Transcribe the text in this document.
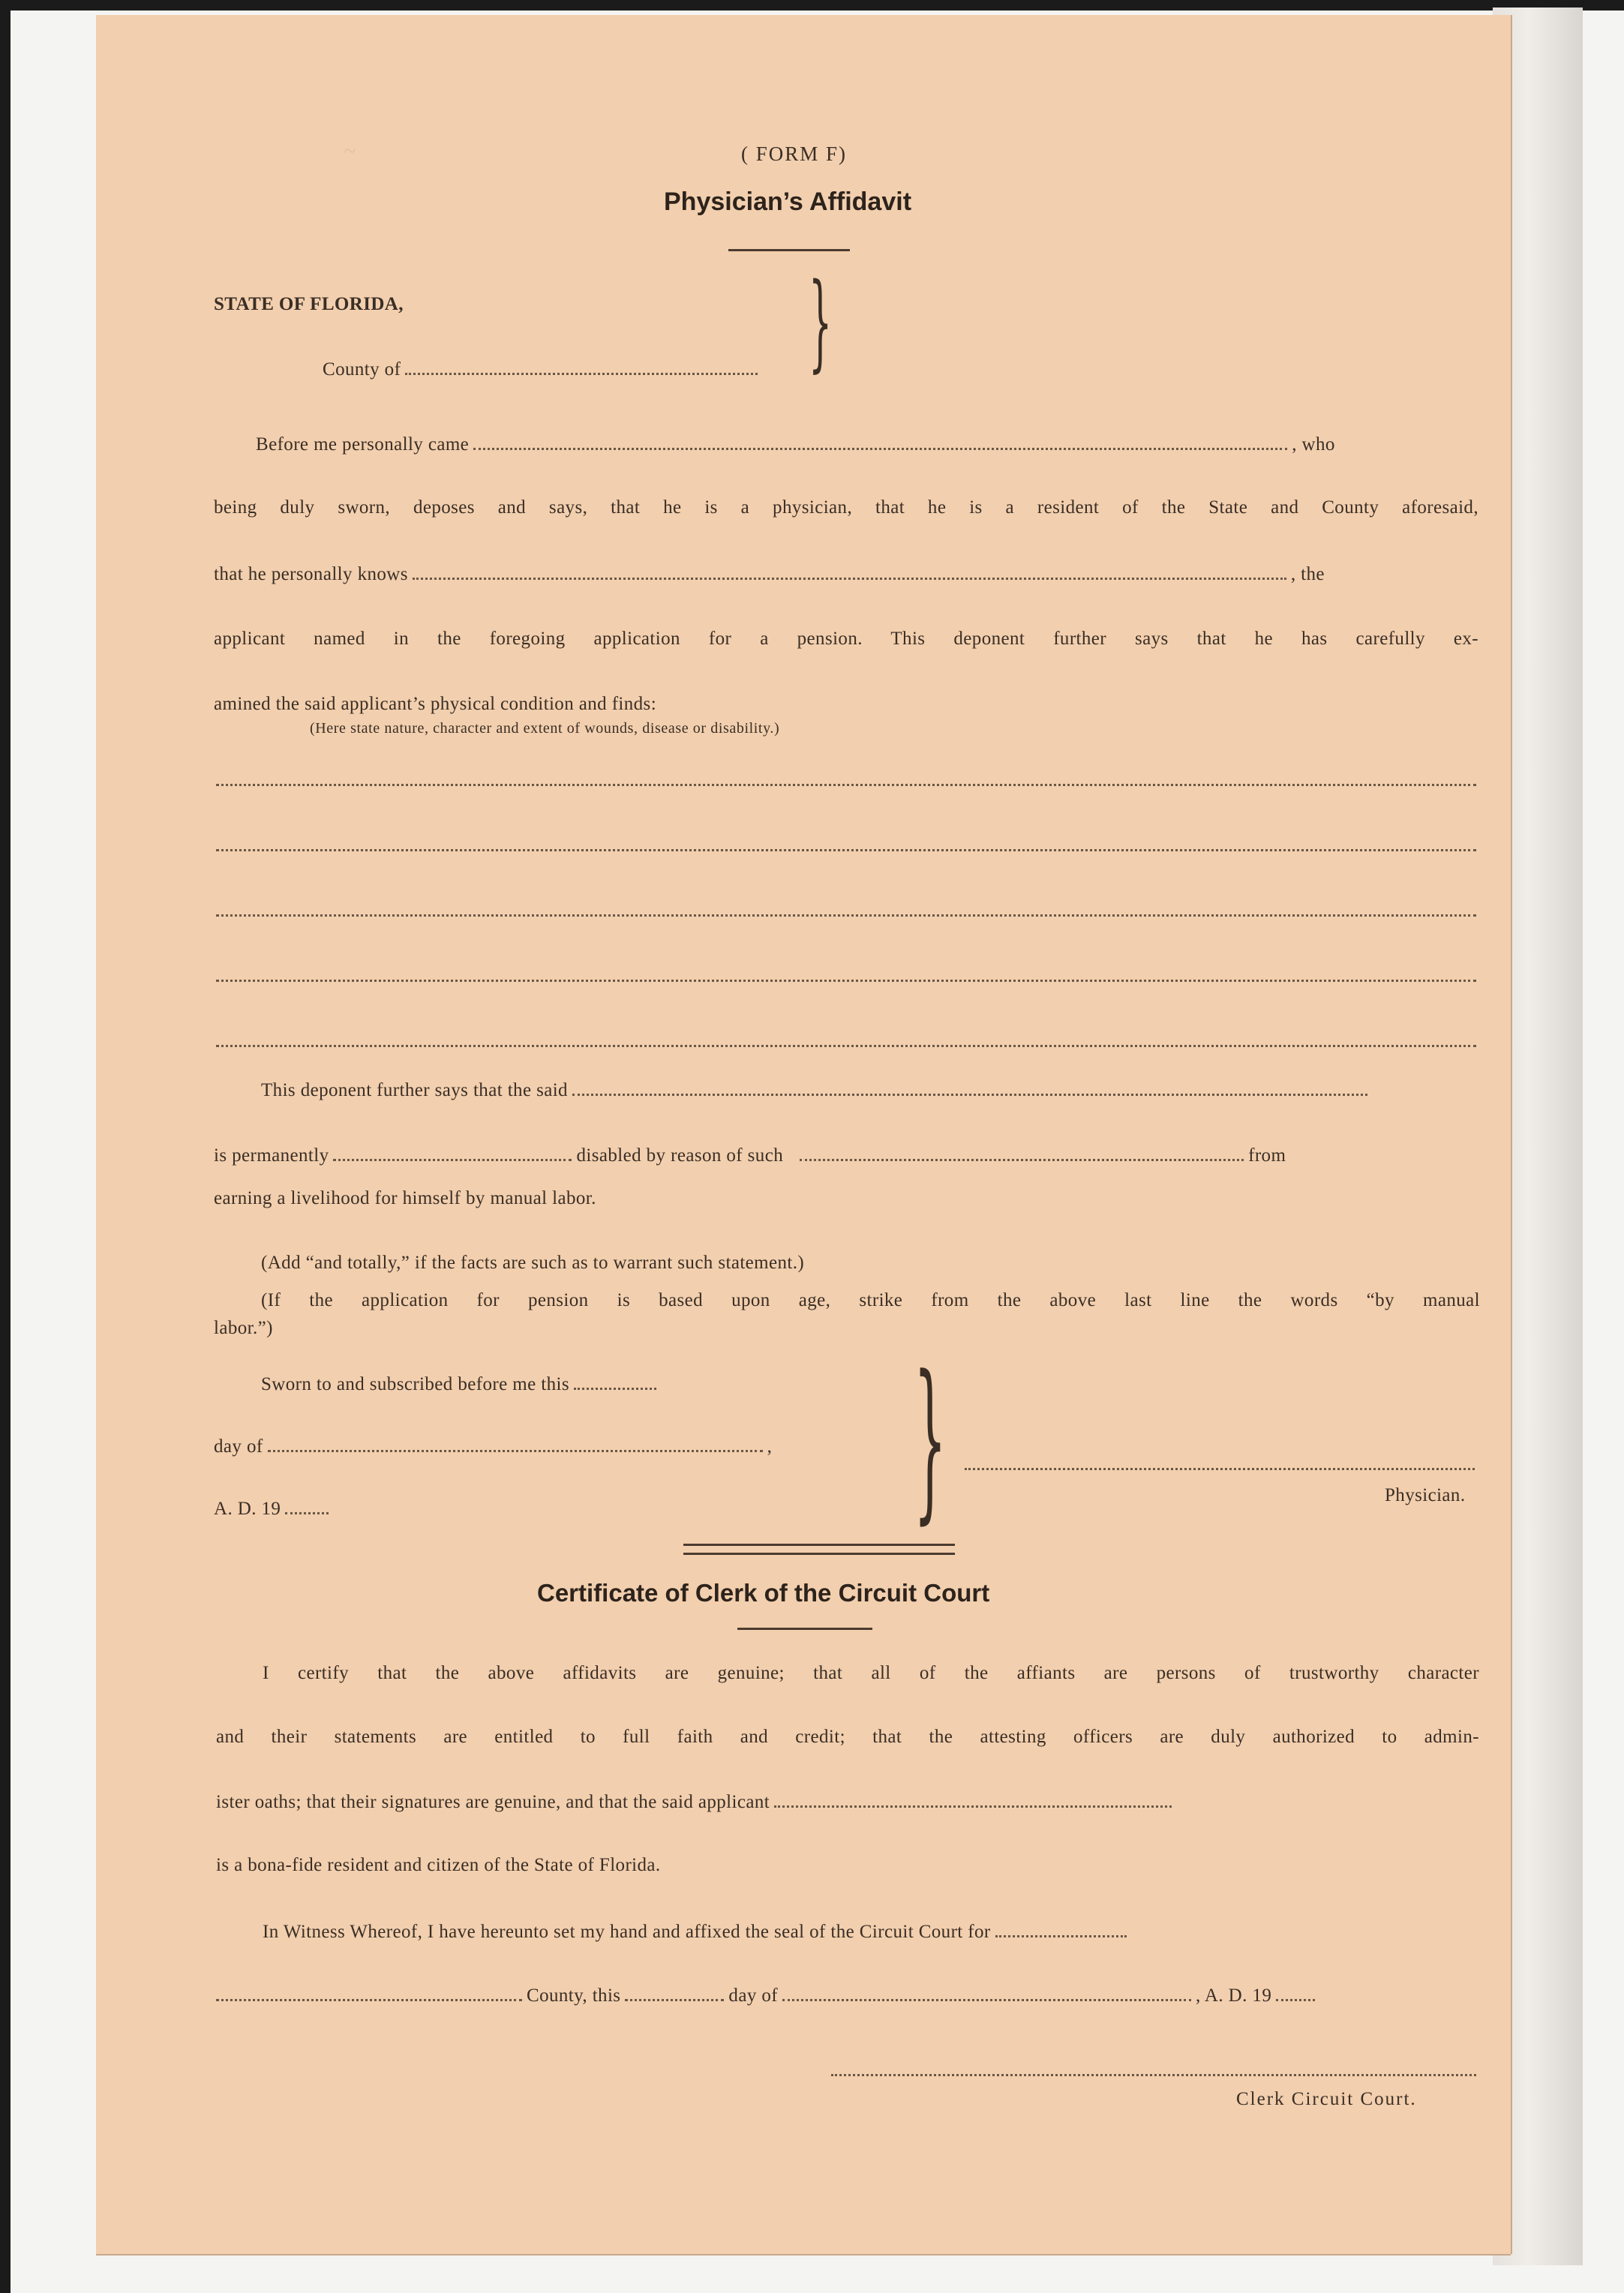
~	( FORM F)
Physician’s Affidavit
STATE OF FLORIDA,
County of	}
Before me personally came	, who
being duly sworn, deposes and says, that he is a physician, that he is a resident of the State and County aforesaid,
that he personally knows	, the
applicant named in the foregoing application for a pension. This deponent further says that he has carefully ex-
amined the said applicant’s physical condition and finds:
(Here state nature, character and extent of wounds, disease or disability.)
This deponent further says that the said
is permanently	disabled by reason of such	from
earning a livelihood for himself by manual labor.
(Add “and totally,” if the facts are such as to warrant such statement.)
(If the application for pension is based upon age, strike from the above last line the words “by manual
labor.”)
Sworn to and subscribed before me this
day of	,
A. D. 19	}	Physician.
Certificate of Clerk of the Circuit Court
I certify that the above affidavits are genuine; that all of the affiants are persons of trustworthy character
and their statements are entitled to full faith and credit; that the attesting officers are duly authorized to admin-
ister oaths; that their signatures are genuine, and that the said applicant
is a bona-fide resident and citizen of the State of Florida.
In Witness Whereof, I have hereunto set my hand and affixed the seal of the Circuit Court for
County, this	day of	, A. D. 19
Clerk Circuit Court.
